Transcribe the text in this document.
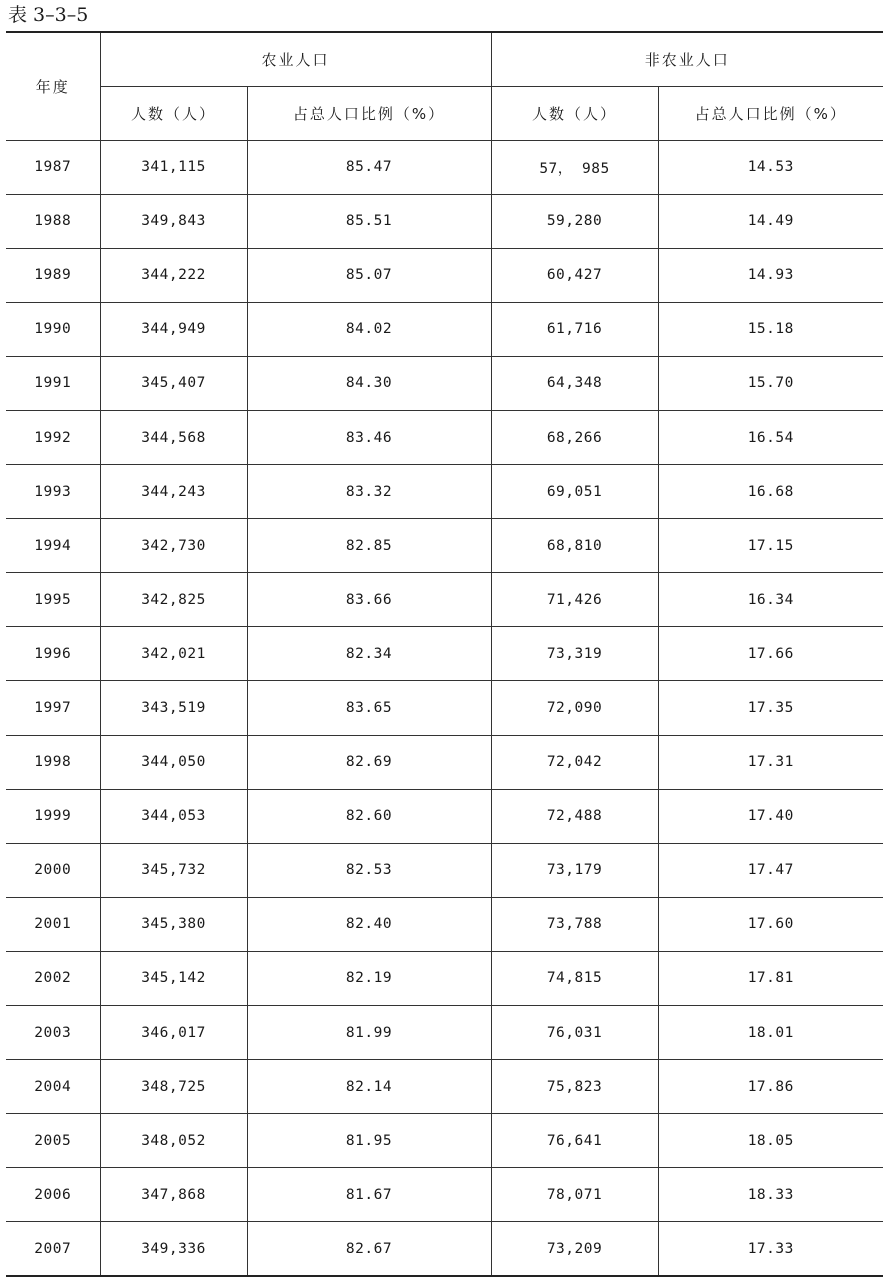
表 3–3–5
年度	农业人口		非农业人口	
	人数（人）	占总人口比例（%）	人数（人）	占总人口比例（%）
1987	341,115	85.47	57， 985	14.53
1988	349,843	85.51	59,280	14.49
1989	344,222	85.07	60,427	14.93
1990	344,949	84.02	61,716	15.18
1991	345,407	84.30	64,348	15.70
1992	344,568	83.46	68,266	16.54
1993	344,243	83.32	69,051	16.68
1994	342,730	82.85	68,810	17.15
1995	342,825	83.66	71,426	16.34
1996	342,021	82.34	73,319	17.66
1997	343,519	83.65	72,090	17.35
1998	344,050	82.69	72,042	17.31
1999	344,053	82.60	72,488	17.40
2000	345,732	82.53	73,179	17.47
2001	345,380	82.40	73,788	17.60
2002	345,142	82.19	74,815	17.81
2003	346,017	81.99	76,031	18.01
2004	348,725	82.14	75,823	17.86
2005	348,052	81.95	76,641	18.05
2006	347,868	81.67	78,071	18.33
2007	349,336	82.67	73,209	17.33
